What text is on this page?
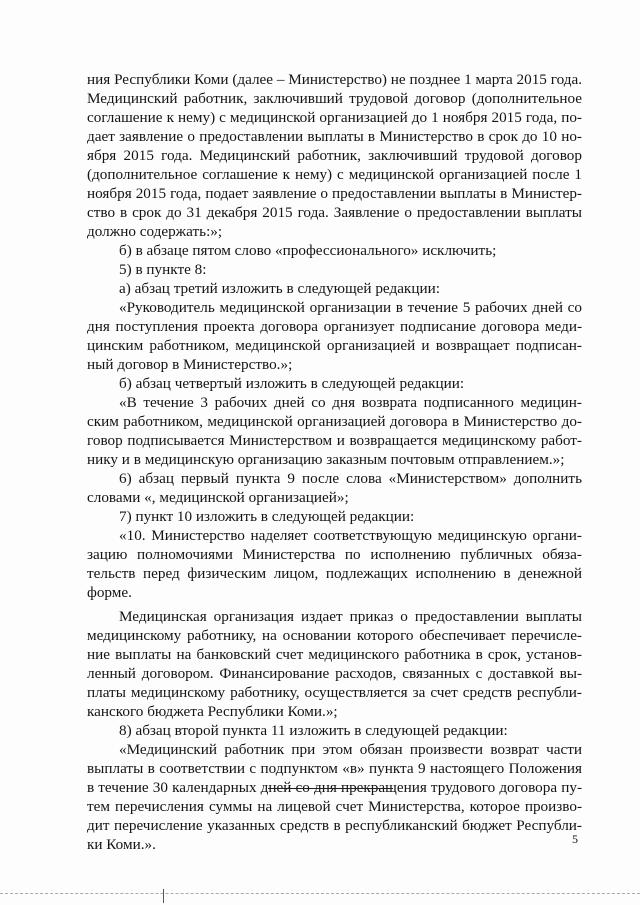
ния Республики Коми (далее – Министерство) не позднее 1 марта 2015 года.
Медицинский работник, заключивший трудовой договор (дополнительное
соглашение к нему) с медицинской организацией до 1 ноября 2015 года, по-
дает заявление о предоставлении выплаты в Министерство в срок до 10 но-
ября 2015 года. Медицинский работник, заключивший трудовой договор
(дополнительное соглашение к нему) с медицинской организацией после 1
ноября 2015 года, подает заявление о предоставлении выплаты в Министер-
ство в срок до 31 декабря 2015 года. Заявление о предоставлении выплаты
должно содержать:»;
б) в абзаце пятом слово «профессионального» исключить;
5) в пункте 8:
а) абзац третий изложить в следующей редакции:
«Руководитель медицинской организации в течение 5 рабочих дней со
дня поступления проекта договора организует подписание договора меди-
цинским работником, медицинской организацией и возвращает подписан-
ный договор в Министерство.»;
б) абзац четвертый изложить в следующей редакции:
«В течение 3 рабочих дней со дня возврата подписанного медицин-
ским работником, медицинской организацией договора в Министерство до-
говор подписывается Министерством и возвращается медицинскому работ-
нику и в медицинскую организацию заказным почтовым отправлением.»;
6) абзац первый пункта 9 после слова «Министерством» дополнить
словами «, медицинской организацией»;
7) пункт 10 изложить в следующей редакции:
«10. Министерство наделяет соответствующую медицинскую органи-
зацию полномочиями Министерства по исполнению публичных обяза-
тельств перед физическим лицом, подлежащих исполнению в денежной
форме.
Медицинская организация издает приказ о предоставлении выплаты
медицинскому работнику, на основании которого обеспечивает перечисле-
ние выплаты на банковский счет медицинского работника в срок, установ-
ленный договором. Финансирование расходов, связанных с доставкой вы-
платы медицинскому работнику, осуществляется за счет средств республи-
канского бюджета Республики Коми.»;
8) абзац второй пункта 11 изложить в следующей редакции:
«Медицинский работник при этом обязан произвести возврат части
выплаты в соответствии с подпунктом «в» пункта 9 настоящего Положения
в течение 30 календарных дней со дня прекращения трудового договора пу-
тем перечисления суммы на лицевой счет Министерства, которое произво-
дит перечисление указанных средств в республиканский бюджет Республи-
ки Коми.».	5
